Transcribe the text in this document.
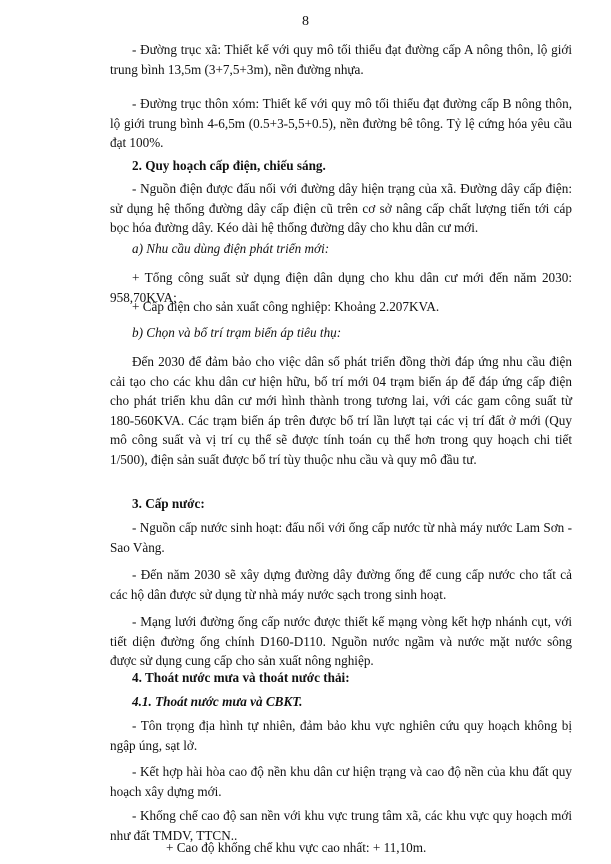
8

- Đường trục xã: Thiết kế với quy mô tối thiểu đạt đường cấp A nông thôn, lộ giới trung bình 13,5m (3+7,5+3m), nền đường nhựa.

- Đường trục thôn xóm: Thiết kế với quy mô tối thiểu đạt đường cấp B nông thôn, lộ giới trung bình 4-6,5m (0.5+3-5,5+0.5), nền đường bê tông. Tỷ lệ cứng hóa yêu cầu đạt 100%.

2. Quy hoạch cấp điện, chiếu sáng.

- Nguồn điện được đấu nối với đường dây hiện trạng của xã. Đường dây cấp điện: sử dụng hệ thống đường dây cấp điện cũ trên cơ sở nâng cấp chất lượng tiến tới cáp bọc hóa đường dây. Kéo dài hệ thống đường dây cho khu dân cư mới.

a) Nhu cầu dùng điện phát triển mới:

+ Tổng công suất sử dụng điện dân dụng cho khu dân cư mới đến năm 2030: 958,70KVA;

+ Cấp điện cho sản xuất công nghiệp: Khoảng 2.207KVA.

b) Chọn và bố trí trạm biến áp tiêu thụ:

Đến 2030 để đảm bảo cho việc dân số phát triển đồng thời đáp ứng nhu cầu điện cải tạo cho các khu dân cư hiện hữu, bố trí mới 04 trạm biến áp để đáp ứng cấp điện cho phát triển khu dân cư mới hình thành trong tương lai, với các gam công suất từ 180-560KVA. Các trạm biến áp trên được bố trí lần lượt tại các vị trí đất ở mới (Quy mô công suất và vị trí cụ thể sẽ được tính toán cụ thể hơn trong quy hoạch chi tiết 1/500), điện sản suất được bố trí tùy thuộc nhu cầu và quy mô đầu tư.

3. Cấp nước:

- Nguồn cấp nước sinh hoạt: đấu nối với ống cấp nước từ nhà máy nước Lam Sơn - Sao Vàng.

- Đến năm 2030 sẽ xây dựng đường dây đường ống để cung cấp nước cho tất cả các hộ dân được sử dụng từ nhà máy nước sạch trong sinh hoạt.

- Mạng lưới đường ống cấp nước được thiết kế mạng vòng kết hợp nhánh cụt, với tiết diện đường ống chính D160-D110. Nguồn nước ngầm và nước mặt nước sông được sử dụng cung cấp cho sản xuất nông nghiệp.

4. Thoát nước mưa và thoát nước thải:

4.1. Thoát nước mưa và CBKT.

- Tôn trọng địa hình tự nhiên, đảm bảo khu vực nghiên cứu quy hoạch không bị ngập úng, sạt lở.

- Kết hợp hài hòa cao độ nền khu dân cư hiện trạng và cao độ nền của khu đất quy hoạch xây dựng mới.

- Khống chế cao độ san nền với khu vực trung tâm xã, các khu vực quy hoạch mới như đất TMDV, TTCN..

+ Cao độ khống chế khu vực cao nhất: + 11,10m.
